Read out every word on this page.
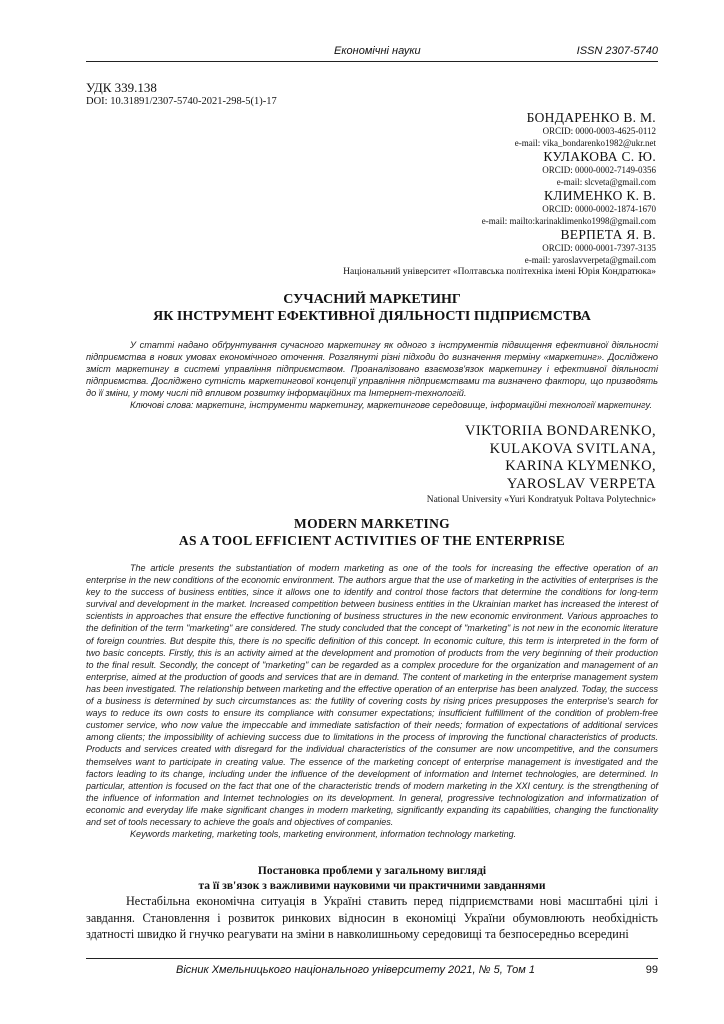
Економічні науки	ISSN 2307-5740
УДК 339.138
DOI: 10.31891/2307-5740-2021-298-5(1)-17
БОНДАРЕНКО В. М.
ORCID: 0000-0003-4625-0112
e-mail: vika_bondarenko1982@ukr.net
КУЛАКОВА С. Ю.
ORCID: 0000-0002-7149-0356
e-mail: slcveta@gmail.com
КЛИМЕНКО К. В.
ORCID: 0000-0002-1874-1670
e-mail: mailto:karinaklimenko1998@gmail.com
ВЕРПЕТА Я. В.
ORCID: 0000-0001-7397-3135
e-mail: yaroslavverpeta@gmail.com
Національний університет «Полтавська політехніка імені Юрія Кондратюка»
СУЧАСНИЙ МАРКЕТИНГ
ЯК ІНСТРУМЕНТ ЕФЕКТИВНОЇ ДІЯЛЬНОСТІ ПІДПРИЄМСТВА

У статті надано обґрунтування сучасного маркетингу як одного з інструментів підвищення ефективної діяльності підприємства в нових умовах економічного оточення. Розглянуті різні підходи до визначення терміну «маркетинг». Досліджено зміст маркетингу в системі управління підприємством. Проаналізовано взаємозв'язок маркетингу і ефективної діяльності підприємства. Досліджено сутність маркетингової концепції управління підприємствами та визначено фактори, що призводять до її зміни, у тому числі під впливом розвитку інформаційних та Інтернет-технологій.

Ключові слова: маркетинг, інструменти маркетингу, маркетингове середовище, інформаційні технології маркетингу.

VIKTORIIA BONDARENKO,
KULAKOVA SVITLANA,
KARINA KLYMENKO,
YAROSLAV VERPETA
National University «Yuri Kondratyuk Poltava Polytechnic»
MODERN MARKETING
AS A TOOL EFFICIENT ACTIVITIES OF THE ENTERPRISE

The article presents the substantiation of modern marketing as one of the tools for increasing the effective operation of an enterprise in the new conditions of the economic environment. The authors argue that the use of marketing in the activities of enterprises is the key to the success of business entities, since it allows one to identify and control those factors that determine the conditions for long-term survival and development in the market. Increased competition between business entities in the Ukrainian market has increased the interest of scientists in approaches that ensure the effective functioning of business structures in the new economic environment. Various approaches to the definition of the term "marketing" are considered. The study concluded that the concept of "marketing" is not new in the economic literature of foreign countries. But despite this, there is no specific definition of this concept. In economic culture, this term is interpreted in the form of two basic concepts. Firstly, this is an activity aimed at the development and promotion of products from the very beginning of their production to the final result. Secondly, the concept of "marketing" can be regarded as a complex procedure for the organization and management of an enterprise, aimed at the production of goods and services that are in demand. The content of marketing in the enterprise management system has been investigated. The relationship between marketing and the effective operation of an enterprise has been analyzed. Today, the success of a business is determined by such circumstances as: the futility of covering costs by rising prices presupposes the enterprise's search for ways to reduce its own costs to ensure its compliance with consumer expectations; insufficient fulfillment of the condition of problem-free customer service, who now value the impeccable and immediate satisfaction of their needs; formation of expectations of additional services among clients; the impossibility of achieving success due to limitations in the process of improving the functional characteristics of products. Products and services created with disregard for the individual characteristics of the consumer are now uncompetitive, and the consumers themselves want to participate in creating value. The essence of the marketing concept of enterprise management is investigated and the factors leading to its change, including under the influence of the development of information and Internet technologies, are determined. In particular, attention is focused on the fact that one of the characteristic trends of modern marketing in the XXI century. is the strengthening of the influence of information and Internet technologies on its development. In general, progressive technologization and informatization of economic and everyday life make significant changes in modern marketing, significantly expanding its capabilities, changing the functionality and set of tools necessary to achieve the goals and objectives of companies.

Keywords marketing, marketing tools, marketing environment, information technology marketing.

Постановка проблеми у загальному вигляді
та її зв'язок з важливими науковими чи практичними завданнями

Нестабільна економічна ситуація в Україні ставить перед підприємствами нові масштабні цілі і завдання. Становлення і розвиток ринкових відносин в економіці України обумовлюють необхідність здатності швидко й гнучко реагувати на зміни в навколишньому середовищі та безпосередньо всередині

Вісник Хмельницького національного університету 2021, № 5, Том 1	99
